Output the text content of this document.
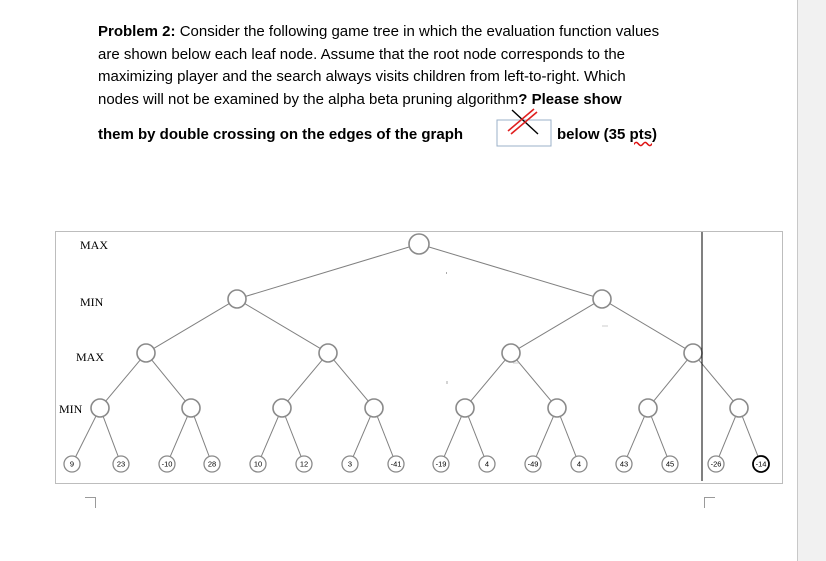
Problem 2: Consider the following game tree in which the evaluation function values
are shown below each leaf node. Assume that the root node corresponds to the
maximizing player and the search always visits children from left-to-right. Which
nodes will not be examined by the alpha beta pruning algorithm? Please show
them by double crossing on the edges of the graph	below (35 pts)
9	23	-10	28	10	12	3	-41	-19	4	-49	4	43	45	-26	-14
MAX
MIN
MAX
MIN
